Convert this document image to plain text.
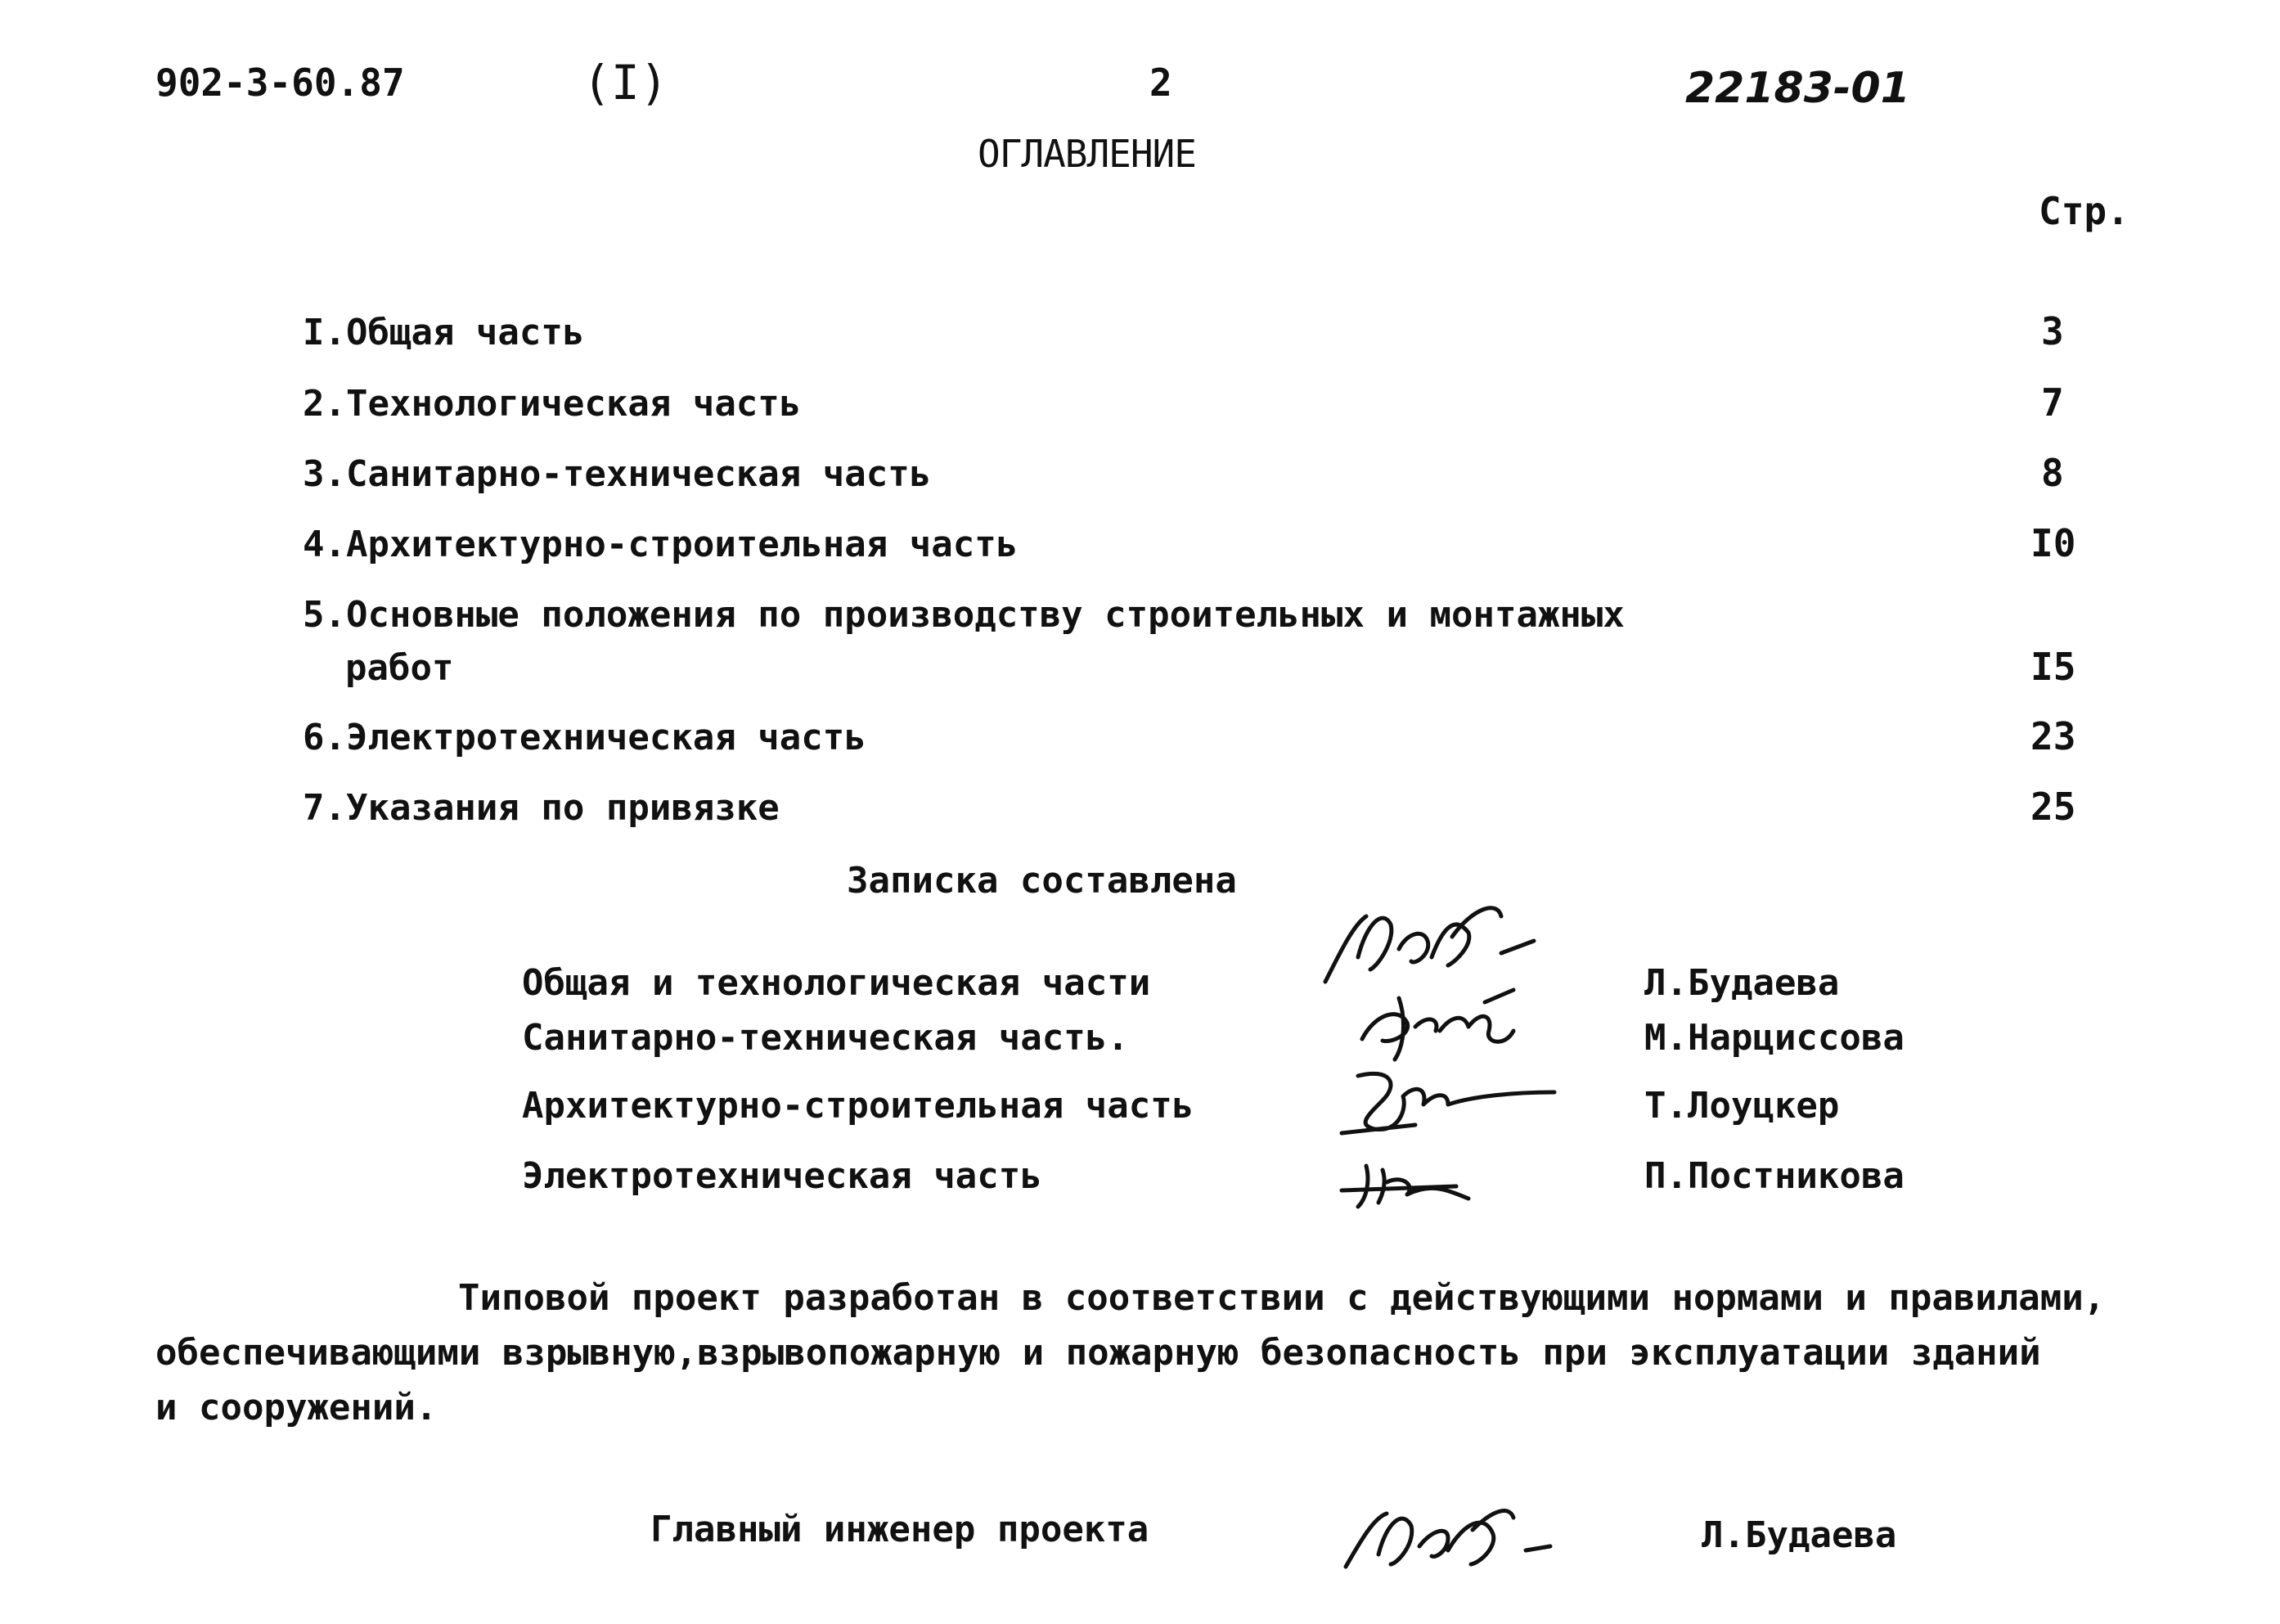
902-3-60.87	(I)	2	22183-01
ОГЛАВЛЕНИЕ
Стр.
I.Общая часть	3
2.Технологическая часть	7
3.Санитарно-техническая часть	8
4.Архитектурно-строительная часть	I0
5.Основные положения по производству строительных и монтажных
работ	I5
6.Электротехническая часть	23
7.Указания по привязке	25
Записка составлена
Общая и технологическая части	Л.Будаева
Санитарно-техническая часть.	М.Нарциссова
Архитектурно-строительная часть	Т.Лоуцкер
Электротехническая часть	П.Постникова
Типовой проект разработан в соответствии с действующими нормами и правилами,
обеспечивающими взрывную,взрывопожарную и пожарную безопасность при эксплуатации зданий
и сооружений.
Главный инженер проекта	Л.Будаева
